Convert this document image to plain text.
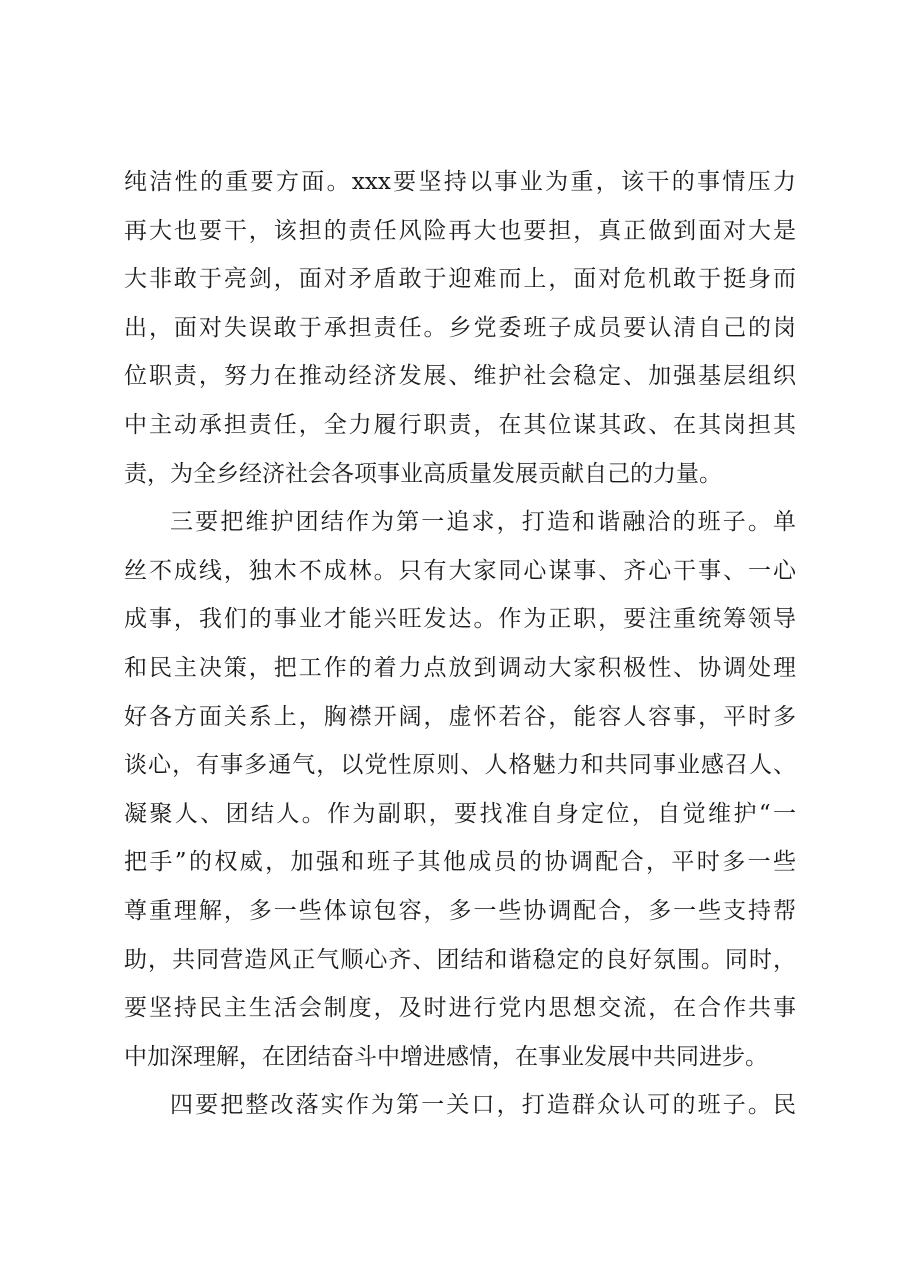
纯洁性的重要方面。xxx要坚持以事业为重，该干的事情压力
再大也要干，该担的责任风险再大也要担，真正做到面对大是
大非敢于亮剑，面对矛盾敢于迎难而上，面对危机敢于挺身而
出，面对失误敢于承担责任。乡党委班子成员要认清自己的岗
位职责，努力在推动经济发展、维护社会稳定、加强基层组织
中主动承担责任，全力履行职责，在其位谋其政、在其岗担其
责，为全乡经济社会各项事业高质量发展贡献自己的力量。
三要把维护团结作为第一追求，打造和谐融洽的班子。单
丝不成线，独木不成林。只有大家同心谋事、齐心干事、一心
成事，我们的事业才能兴旺发达。作为正职，要注重统筹领导
和民主决策，把工作的着力点放到调动大家积极性、协调处理
好各方面关系上，胸襟开阔，虚怀若谷，能容人容事，平时多
谈心，有事多通气，以党性原则、人格魅力和共同事业感召人、
凝聚人、团结人。作为副职，要找准自身定位，自觉维护“一
把手”的权威，加强和班子其他成员的协调配合，平时多一些
尊重理解，多一些体谅包容，多一些协调配合，多一些支持帮
助，共同营造风正气顺心齐、团结和谐稳定的良好氛围。同时，
要坚持民主生活会制度，及时进行党内思想交流，在合作共事
中加深理解，在团结奋斗中增进感情，在事业发展中共同进步。
四要把整改落实作为第一关口，打造群众认可的班子。民
